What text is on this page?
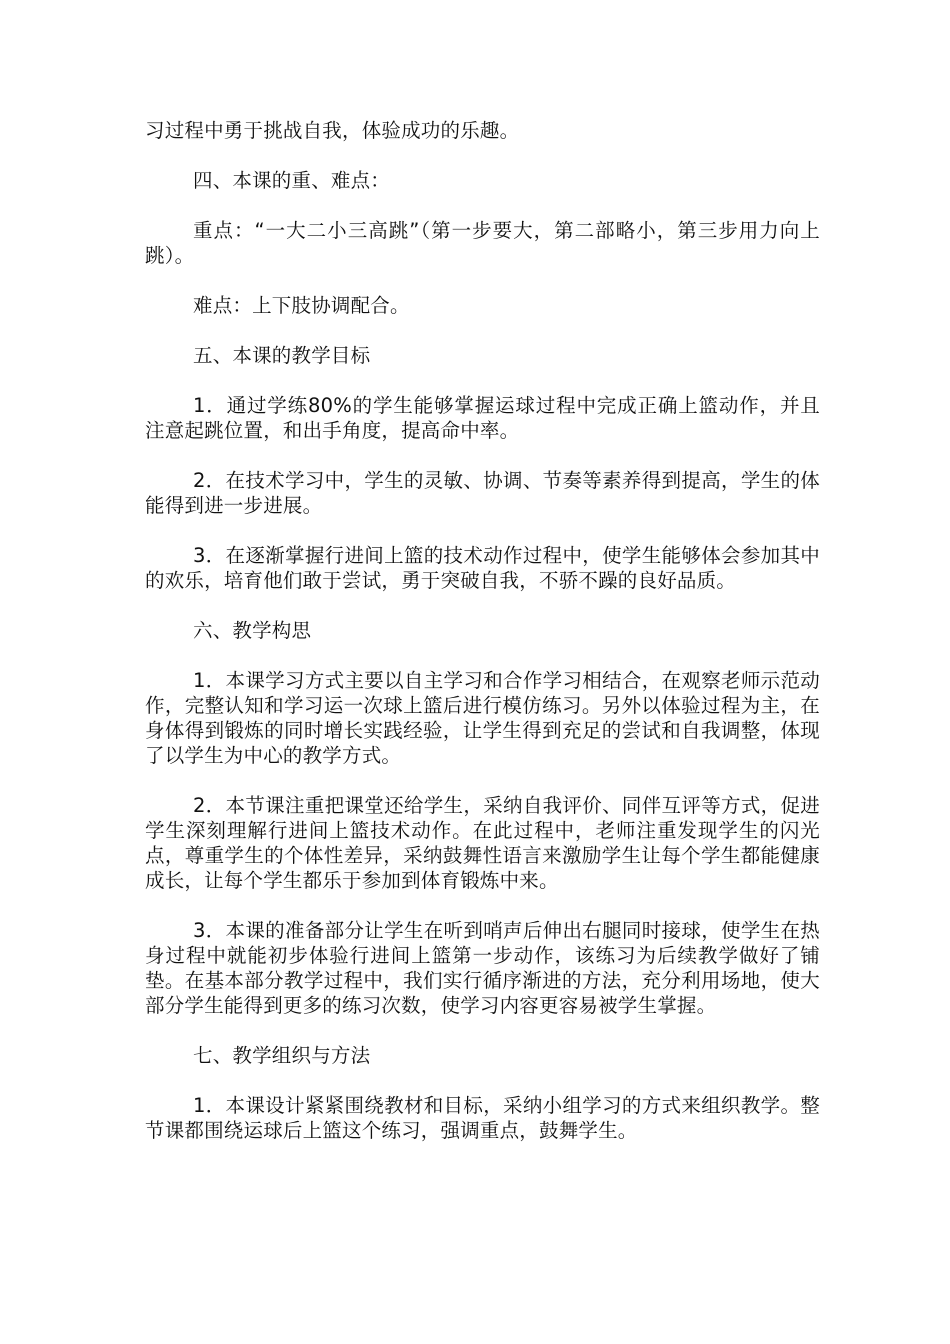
习过程中勇于挑战自我，体验成功的乐趣。

四、本课的重、难点：

重点：“一大二小三高跳”（第一步要大，第二部略小，第三步用力向上跳）。

难点：上下肢协调配合。

五、本课的教学目标

1．通过学练80%的学生能够掌握运球过程中完成正确上篮动作，并且注意起跳位置，和出手角度，提高命中率。

2．在技术学习中，学生的灵敏、协调、节奏等素养得到提高，学生的体能得到进一步进展。

3．在逐渐掌握行进间上篮的技术动作过程中，使学生能够体会参加其中的欢乐，培育他们敢于尝试，勇于突破自我，不骄不躁的良好品质。

六、教学构思

1．本课学习方式主要以自主学习和合作学习相结合，在观察老师示范动作，完整认知和学习运一次球上篮后进行模仿练习。另外以体验过程为主，在身体得到锻炼的同时增长实践经验，让学生得到充足的尝试和自我调整，体现了以学生为中心的教学方式。

2．本节课注重把课堂还给学生，采纳自我评价、同伴互评等方式，促进学生深刻理解行进间上篮技术动作。在此过程中，老师注重发现学生的闪光点，尊重学生的个体性差异，采纳鼓舞性语言来激励学生让每个学生都能健康成长，让每个学生都乐于参加到体育锻炼中来。

3．本课的准备部分让学生在听到哨声后伸出右腿同时接球，使学生在热身过程中就能初步体验行进间上篮第一步动作，该练习为后续教学做好了铺垫。在基本部分教学过程中，我们实行循序渐进的方法，充分利用场地，使大部分学生能得到更多的练习次数，使学习内容更容易被学生掌握。

七、教学组织与方法

1．本课设计紧紧围绕教材和目标，采纳小组学习的方式来组织教学。整节课都围绕运球后上篮这个练习，强调重点，鼓舞学生。
